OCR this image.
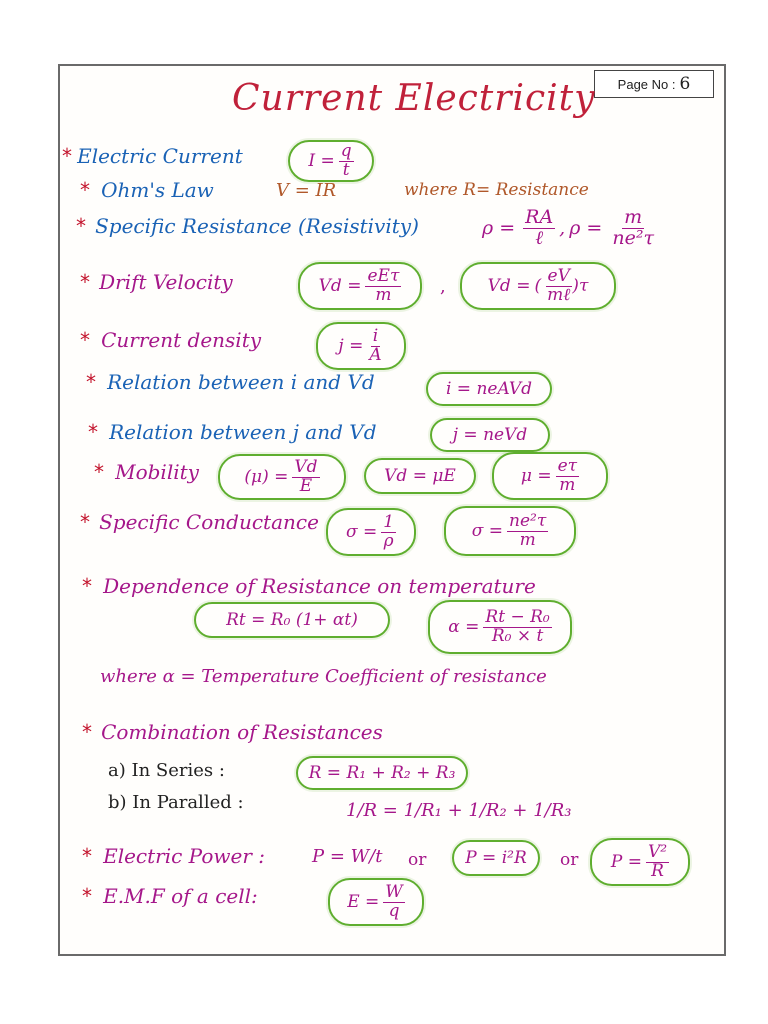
Page No : 6
Current Electricity
* Electric Current	$I = \frac{q}{t}$
* Ohm's Law	V = IR	where R= Resistance
* Specific Resistance (Resistivity)	$\rho = \frac{RA}{\text{ℓ}}$ , $\rho = \frac{m}{\text{ne²τ}}$
* Drift Velocity	$Vd = \frac{\text{eEτ}}{m}$ , Vd = ( $\frac{eV}{\text{mℓ}}$ ) τ
* Current density	$j = \frac{i}{A}$
* Relation between i and Vd	i = neAVd
* Relation between j and Vd	j = neVd
* Mobility	$(\mu) = \frac{Vd}{E}$	Vd = μE	$\mu = \frac{e\tau}{m}$
* Specific Conductance $\sigma = \frac{1}{\rho}$	$\sigma = \frac{\text{ne²τ}}{m}$
* Dependence of Resistance on temperature
Rt = R₀ (1+ αt)	$\alpha = \frac{\text{Rt − R₀}}{\text{R₀ × t}}$
where α = Temperature Coefficient of resistance
* Combination of Resistances
a) In Series :	R = R₁ + R₂ + R₃
b) In Paralled :	1/R = 1/R₁ + 1/R₂ + 1/R₃
* Electric Power :	P = W/t or	P = i²R	or $P = \frac{\text{V²}}{R}$
* E.M.F of a cell:	$E = \frac{W}{q}$
